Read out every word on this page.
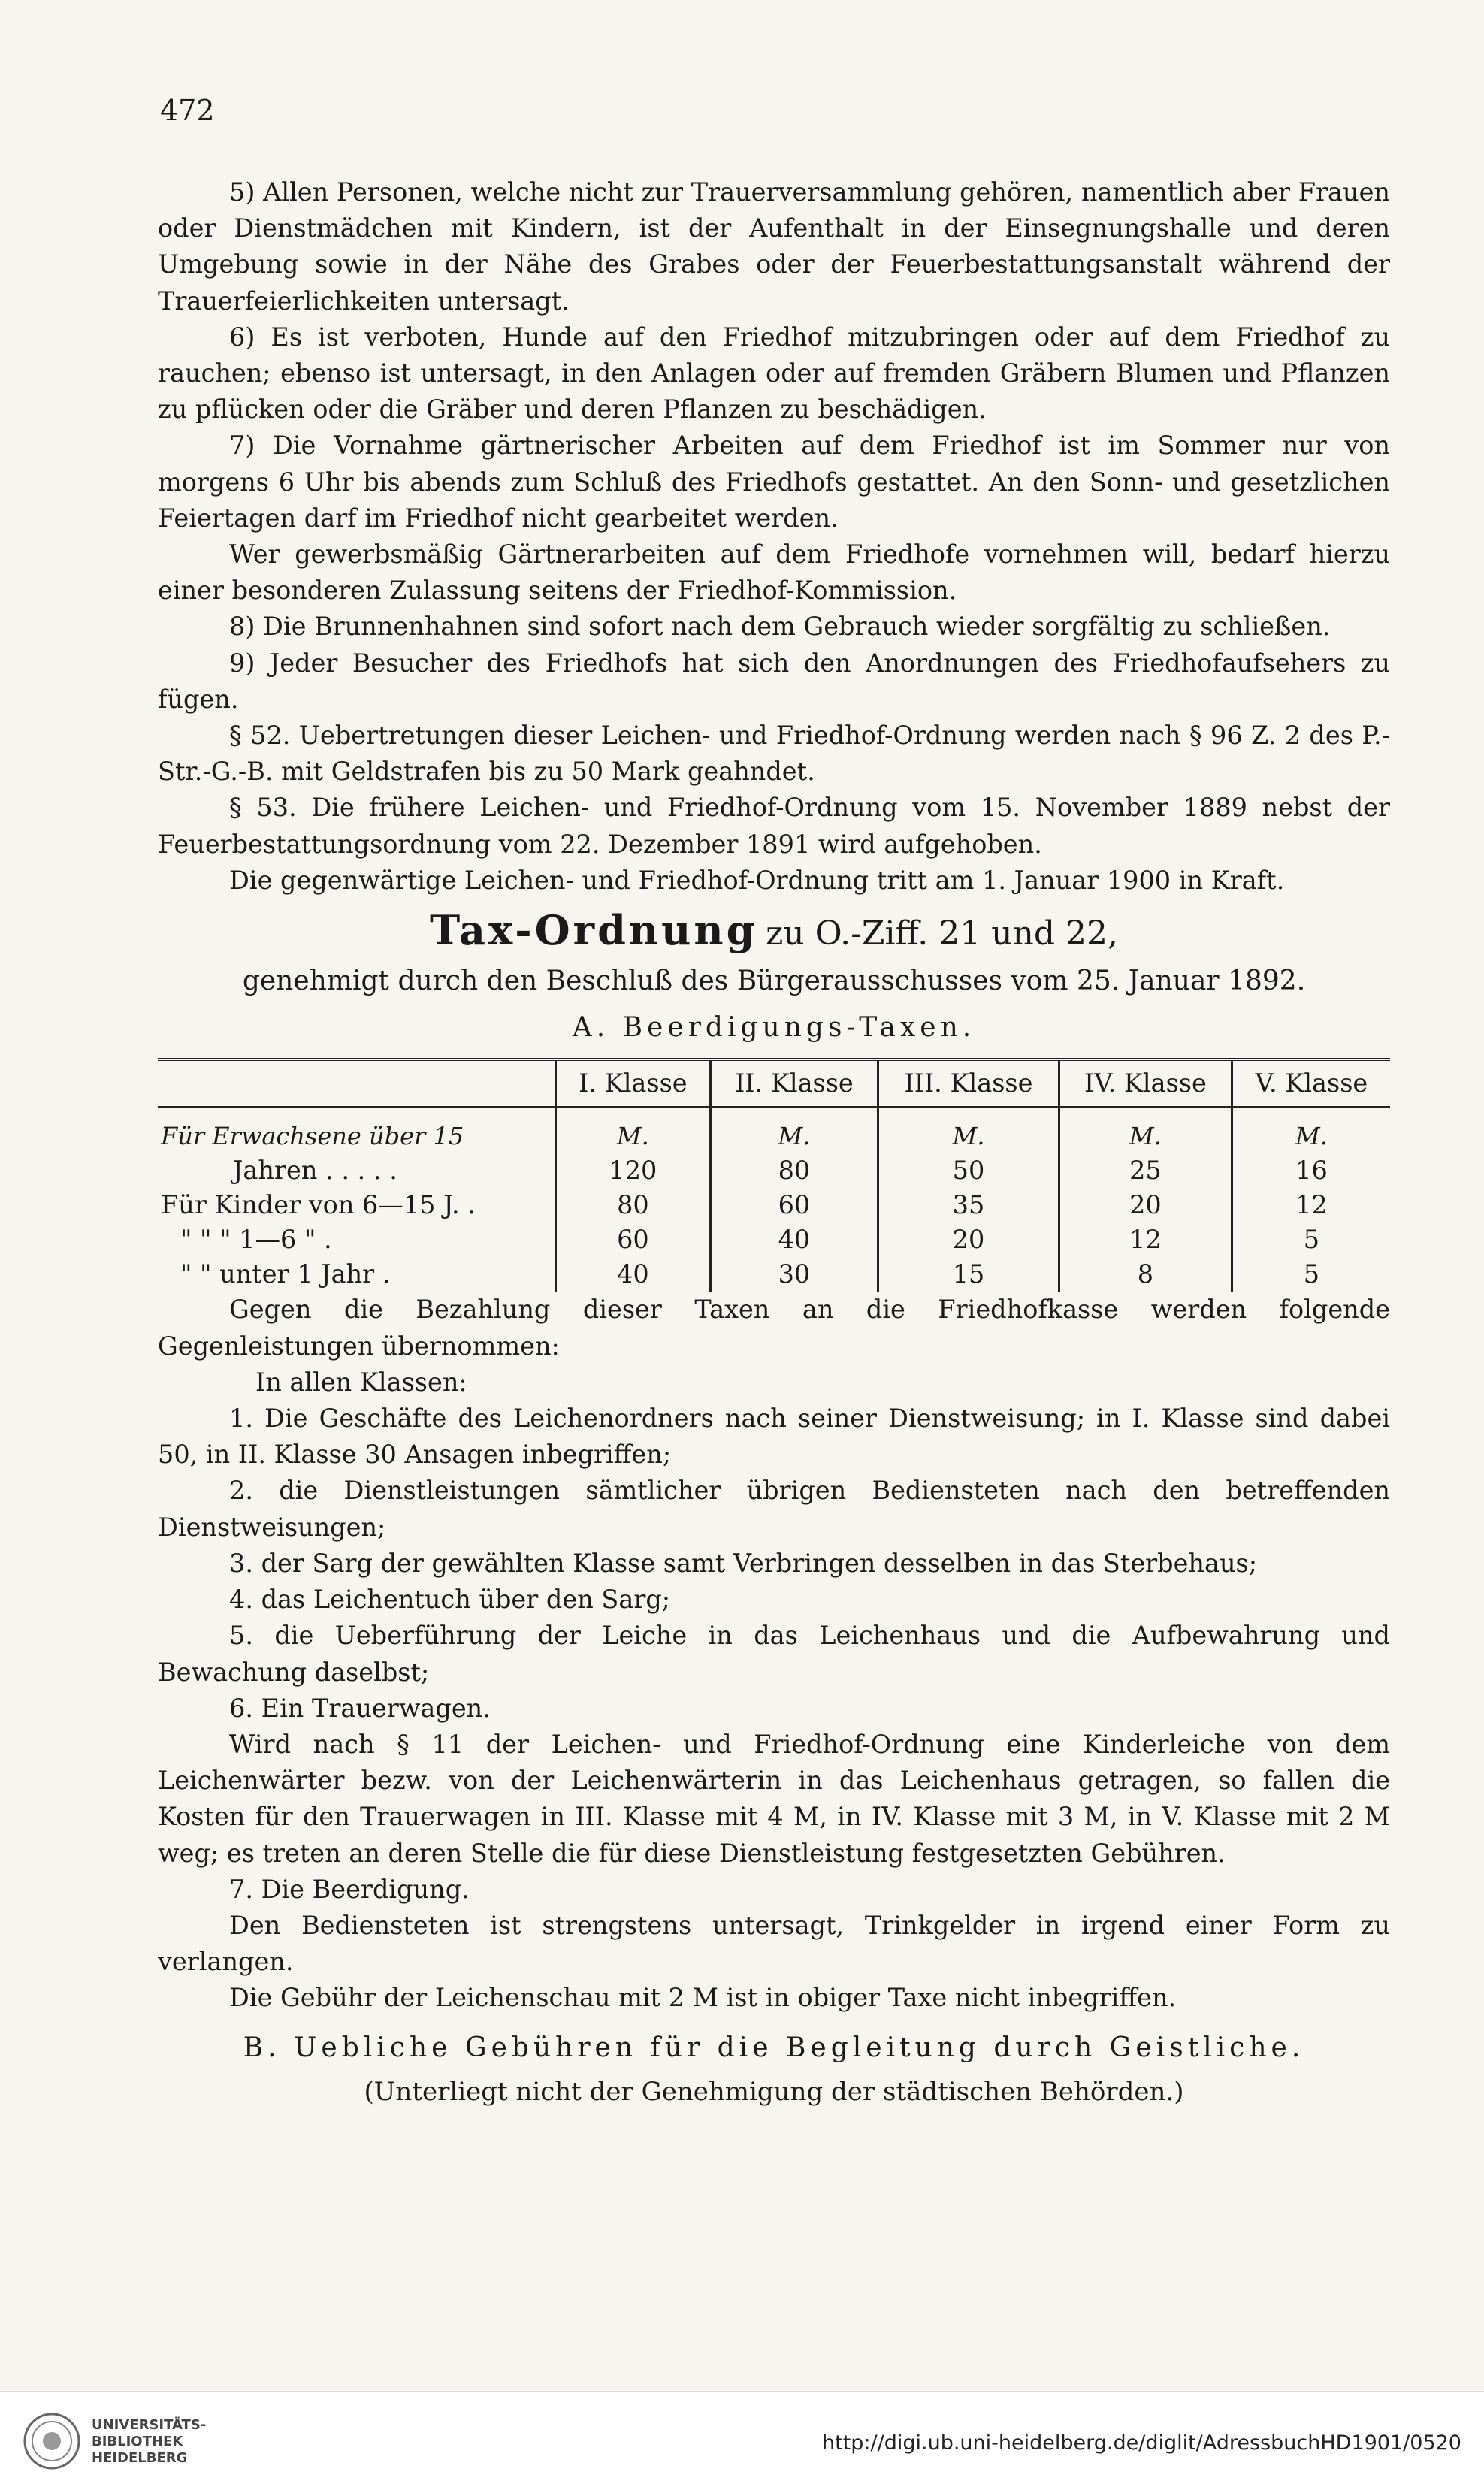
472

5) Allen Personen, welche nicht zur Trauerversammlung gehören, namentlich aber Frauen oder Dienstmädchen mit Kindern, ist der Aufenthalt in der Einsegnungshalle und deren Umgebung sowie in der Nähe des Grabes oder der Feuerbestattungsanstalt während der Trauerfeierlichkeiten untersagt.

6) Es ist verboten, Hunde auf den Friedhof mitzubringen oder auf dem Friedhof zu rauchen; ebenso ist untersagt, in den Anlagen oder auf fremden Gräbern Blumen und Pflanzen zu pflücken oder die Gräber und deren Pflanzen zu beschädigen.

7) Die Vornahme gärtnerischer Arbeiten auf dem Friedhof ist im Sommer nur von morgens 6 Uhr bis abends zum Schluß des Friedhofs gestattet. An den Sonn- und gesetzlichen Feiertagen darf im Friedhof nicht gearbeitet werden.

Wer gewerbsmäßig Gärtnerarbeiten auf dem Friedhofe vornehmen will, bedarf hierzu einer besonderen Zulassung seitens der Friedhof-Kommission.

8) Die Brunnenhahnen sind sofort nach dem Gebrauch wieder sorgfältig zu schließen.

9) Jeder Besucher des Friedhofs hat sich den Anordnungen des Friedhofaufsehers zu fügen.

§ 52. Uebertretungen dieser Leichen- und Friedhof-Ordnung werden nach § 96 Z. 2 des P.-Str.-G.-B. mit Geldstrafen bis zu 50 Mark geahndet.

§ 53. Die frühere Leichen- und Friedhof-Ordnung vom 15. November 1889 nebst der Feuerbestattungsordnung vom 22. Dezember 1891 wird aufgehoben.

Die gegenwärtige Leichen- und Friedhof-Ordnung tritt am 1. Januar 1900 in Kraft.

Tax-Ordnung zu O.-Ziff. 21 und 22,
genehmigt durch den Beschluß des Bürgerausschusses vom 25. Januar 1892.
A. Beerdigungs-Taxen.
	I. Klasse	II. Klasse	III. Klasse	IV. Klasse	V. Klasse
Für Erwachsene über 15	M.	M.	M.	M.	M.
Jahren . . . . .	120	80	50	25	16
Für Kinder von 6—15 J. .	80	60	35	20	12
" " " 1—6 " .	60	40	20	12	5
" " unter 1 Jahr .	40	30	15	8	5

Gegen die Bezahlung dieser Taxen an die Friedhofkasse werden folgende Gegenleistungen übernommen:

In allen Klassen:

1. Die Geschäfte des Leichenordners nach seiner Dienstweisung; in I. Klasse sind dabei 50, in II. Klasse 30 Ansagen inbegriffen;

2. die Dienstleistungen sämtlicher übrigen Bediensteten nach den betreffenden Dienstweisungen;

3. der Sarg der gewählten Klasse samt Verbringen desselben in das Sterbehaus;

4. das Leichentuch über den Sarg;

5. die Ueberführung der Leiche in das Leichenhaus und die Aufbewahrung und Bewachung daselbst;

6. Ein Trauerwagen.

Wird nach § 11 der Leichen- und Friedhof-Ordnung eine Kinderleiche von dem Leichenwärter bezw. von der Leichenwärterin in das Leichenhaus getragen, so fallen die Kosten für den Trauerwagen in III. Klasse mit 4 M, in IV. Klasse mit 3 M, in V. Klasse mit 2 M weg; es treten an deren Stelle die für diese Dienstleistung festgesetzten Gebühren.

7. Die Beerdigung.

Den Bediensteten ist strengstens untersagt, Trinkgelder in irgend einer Form zu verlangen.

Die Gebühr der Leichenschau mit 2 M ist in obiger Taxe nicht inbegriffen.

B. Uebliche Gebühren für die Begleitung durch Geistliche.
(Unterliegt nicht der Genehmigung der städtischen Behörden.)
UNIVERSITÄTS-
BIBLIOTHEK
HEIDELBERG
http://digi.ub.uni-heidelberg.de/diglit/AdressbuchHD1901/0520
